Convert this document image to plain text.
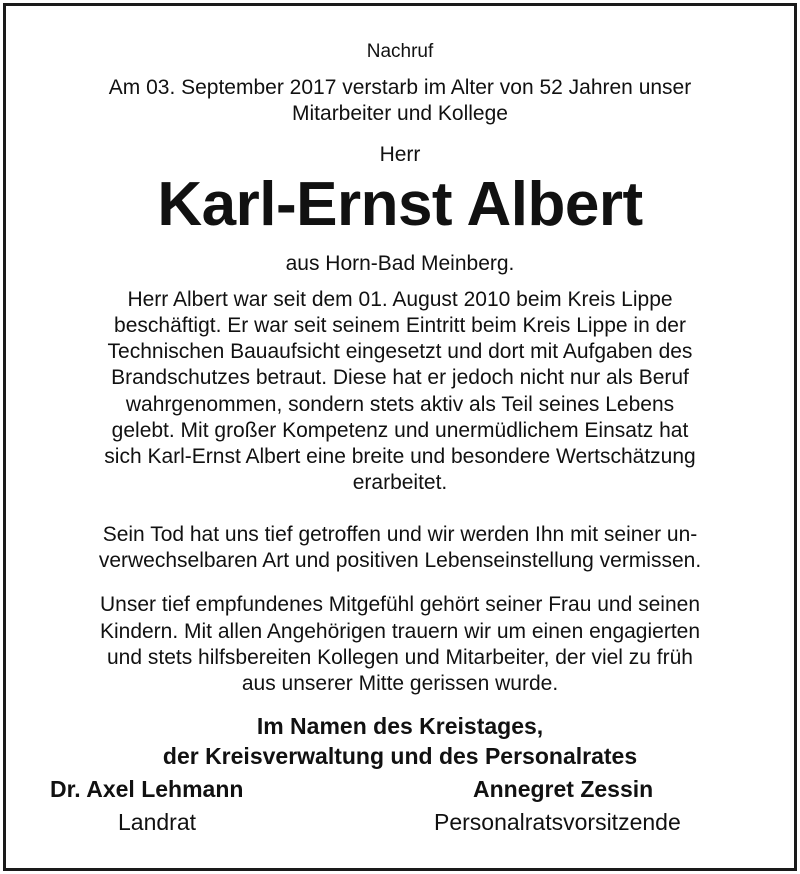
Nachruf
Am 03. September 2017 verstarb im Alter von 52 Jahren unser
Mitarbeiter und Kollege
Herr
Karl-Ernst Albert
aus Horn-Bad Meinberg.
Herr Albert war seit dem 01. August 2010 beim Kreis Lippe
beschäftigt. Er war seit seinem Eintritt beim Kreis Lippe in der
Technischen Bauaufsicht eingesetzt und dort mit Aufgaben des
Brandschutzes betraut. Diese hat er jedoch nicht nur als Beruf
wahrgenommen, sondern stets aktiv als Teil seines Lebens
gelebt. Mit großer Kompetenz und unermüdlichem Einsatz hat
sich Karl-Ernst Albert eine breite und besondere Wertschätzung
erarbeitet.
Sein Tod hat uns tief getroffen und wir werden Ihn mit seiner un-
verwechselbaren Art und positiven Lebenseinstellung vermissen.
Unser tief empfundenes Mitgefühl gehört seiner Frau und seinen
Kindern. Mit allen Angehörigen trauern wir um einen engagierten
und stets hilfsbereiten Kollegen und Mitarbeiter, der viel zu früh
aus unserer Mitte gerissen wurde.
Im Namen des Kreistages,
der Kreisverwaltung und des Personalrates
Dr. Axel Lehmann
Landrat
Annegret Zessin
Personalratsvorsitzende
